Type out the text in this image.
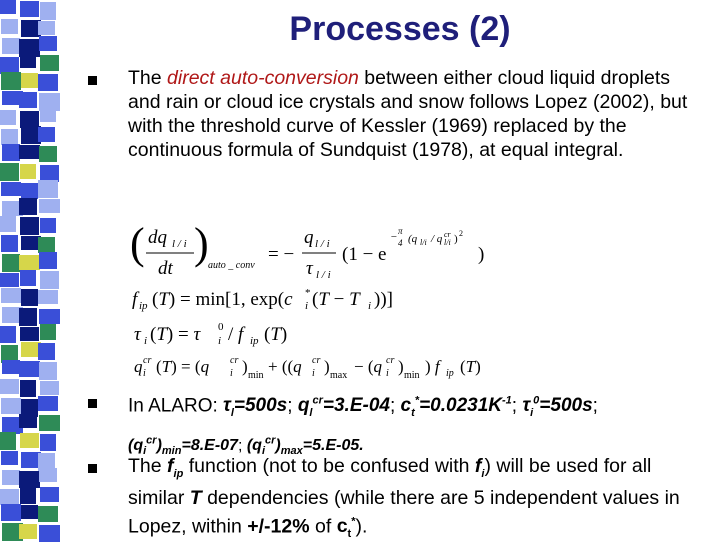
Processes (2)
The direct auto-conversion between either cloud liquid droplets and rain or cloud ice crystals and snow follows Lopez (2002), but with the threshold curve of Kessler (1969) replaced by the continuous formula of Sundquist (1978), at equal integral.
( dq l / i
dt
) auto _ conv
= −
q l / i
τ l / i
(1 − e
− π
4 (q l/i / q cr
l/i ) 2
)
f ip (T) = min[1, exp(c *
i (T − T i ))]
τ i (T) = τ 0
i / f ip (T)
q cr
i (T) = (q cr
i ) min + ((q cr
i ) max − (q cr
i ) min ) f ip (T)
In ALARO: $\tau_l=500s$; $q_l^{cr}=3.E-04$; $c_t^*=0.0231K^{-1}$; $\tau_i^0=500s$;
$(q_i^{cr})_{min}=8.E-07$; $(q_i^{cr})_{max}=5.E-05$.
The $f_{ip}$ function (not to be confused with $f_i$) will be used for all similar T dependencies (while there are 5 independent values in Lopez, within +/-12% of $c_t^*$).
